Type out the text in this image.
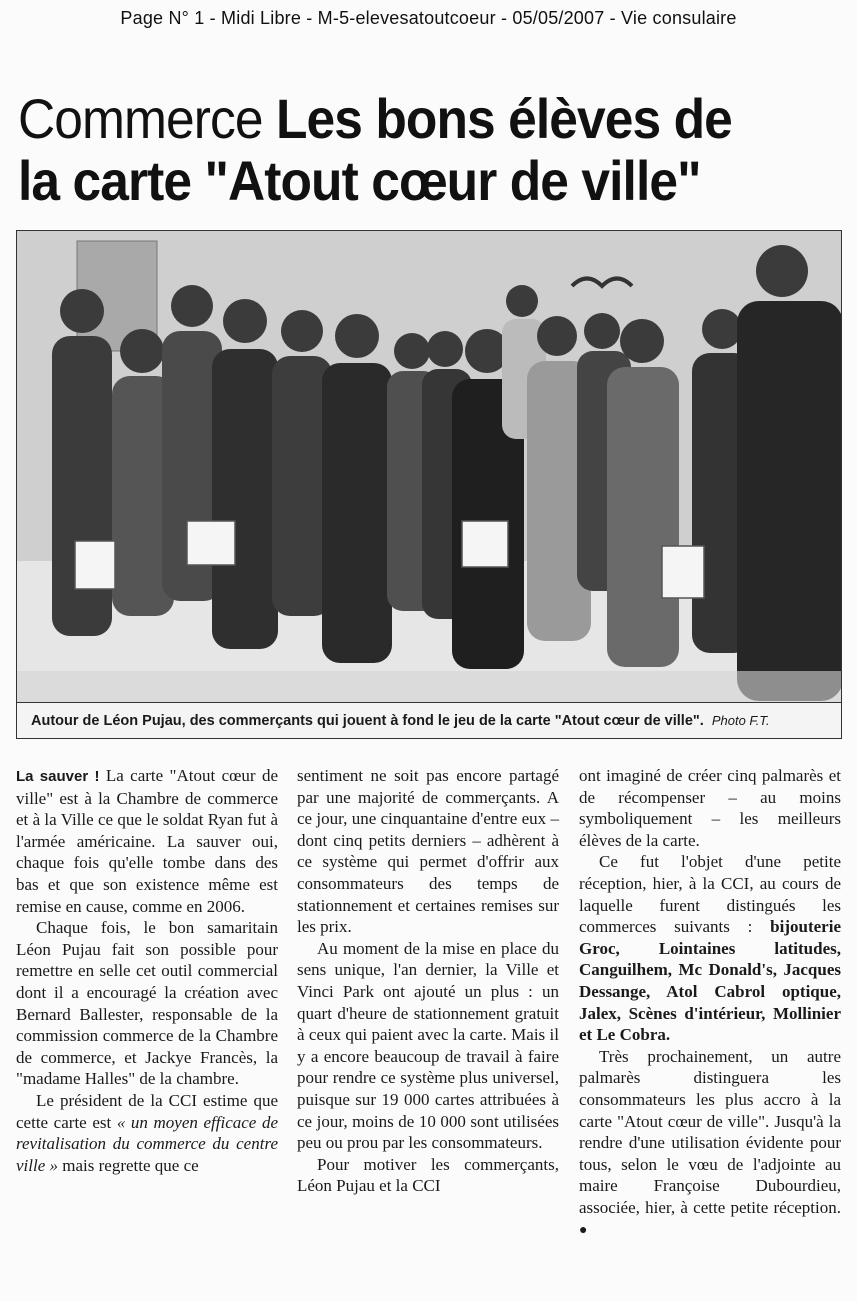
Page N° 1 - Midi Libre - M-5-elevesatoutcoeur - 05/05/2007 - Vie consulaire
Commerce Les bons élèves de la carte "Atout cœur de ville"
Autour de Léon Pujau, des commerçants qui jouent à fond le jeu de la carte "Atout cœur de ville". Photo F.T.

La sauver ! La carte "Atout cœur de ville" est à la Chambre de commerce et à la Ville ce que le soldat Ryan fut à l'armée américaine. La sauver oui, chaque fois qu'elle tombe dans des bas et que son existence même est remise en cause, comme en 2006.

Chaque fois, le bon samaritain Léon Pujau fait son possible pour remettre en selle cet outil commercial dont il a encouragé la création avec Bernard Ballester, responsable de la commission commerce de la Chambre de commerce, et Jackye Francès, la "madame Halles" de la chambre.

Le président de la CCI estime que cette carte est « un moyen efficace de revitalisation du commerce du centre ville » mais regrette que ce

sentiment ne soit pas encore partagé par une majorité de commerçants. A ce jour, une cinquantaine d'entre eux – dont cinq petits derniers – adhèrent à ce système qui permet d'offrir aux consommateurs des temps de stationnement et certaines remises sur les prix.

Au moment de la mise en place du sens unique, l'an dernier, la Ville et Vinci Park ont ajouté un plus : un quart d'heure de stationnement gratuit à ceux qui paient avec la carte. Mais il y a encore beaucoup de travail à faire pour rendre ce système plus universel, puisque sur 19 000 cartes attribuées à ce jour, moins de 10 000 sont utilisées peu ou prou par les consommateurs.

Pour motiver les commerçants, Léon Pujau et la CCI

ont imaginé de créer cinq palmarès et de récompenser – au moins symboliquement – les meilleurs élèves de la carte.

Ce fut l'objet d'une petite réception, hier, à la CCI, au cours de laquelle furent distingués les commerces suivants : bijouterie Groc, Lointaines latitudes, Canguilhem, Mc Donald's, Jacques Dessange, Atol Cabrol optique, Jalex, Scènes d'intérieur, Mollinier et Le Cobra.

Très prochainement, un autre palmarès distinguera les consommateurs les plus accro à la carte "Atout cœur de ville". Jusqu'à la rendre d'une utilisation évidente pour tous, selon le vœu de l'adjointe au maire Françoise Dubourdieu, associée, hier, à cette petite réception. ●
